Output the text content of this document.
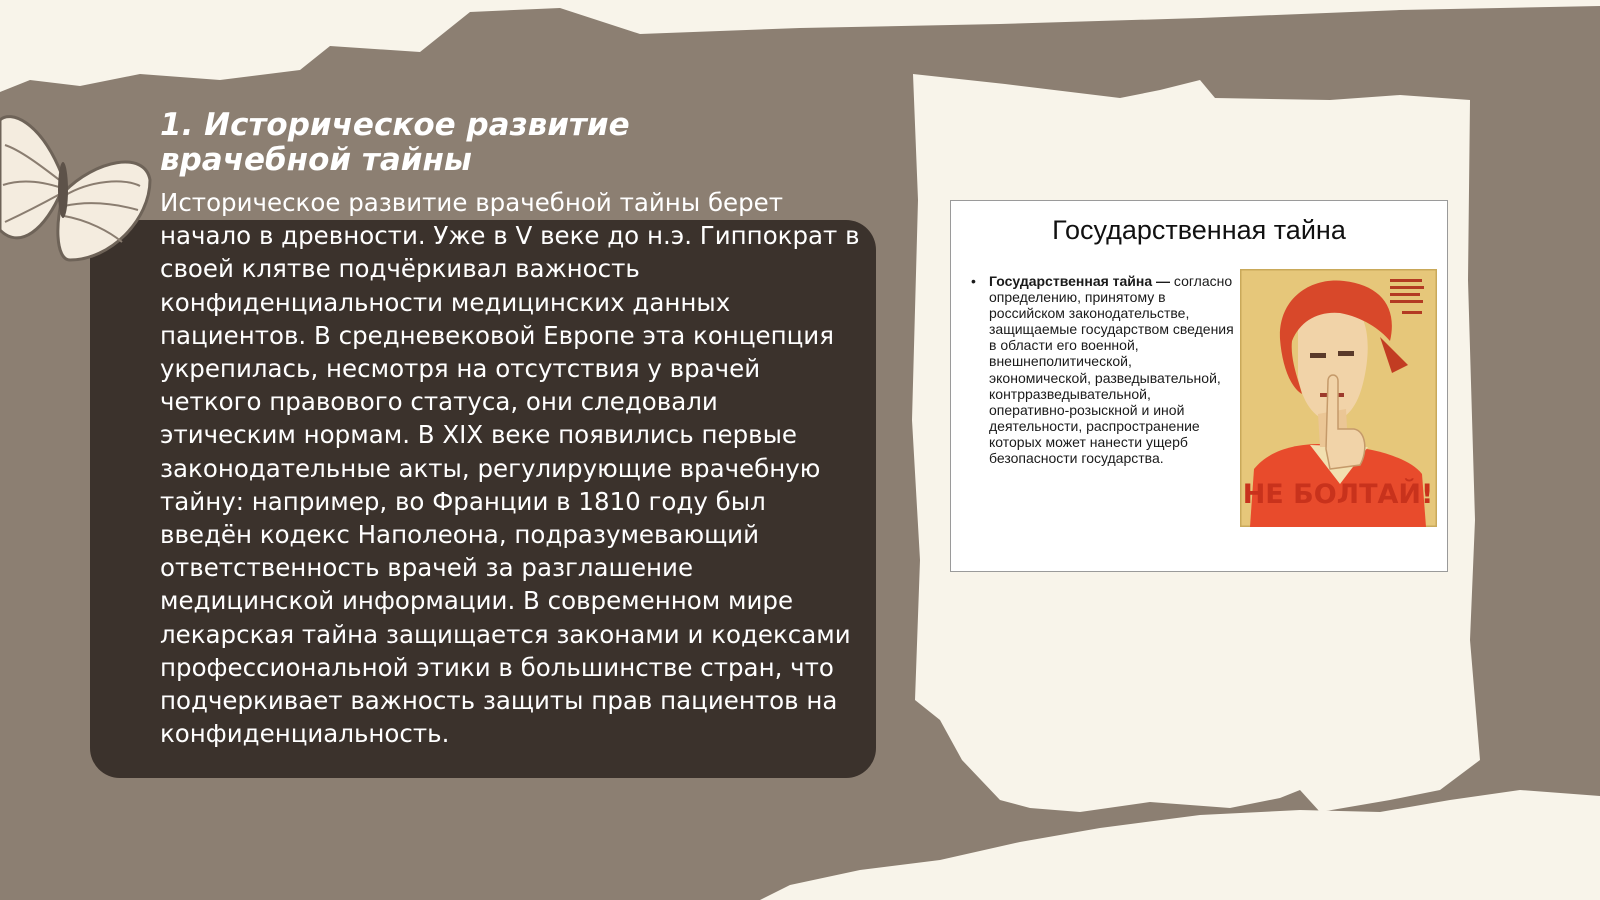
1. Историческое развитие врачебной тайны

Историческое развитие врачебной тайны берет начало в древности. Уже в V веке до н.э. Гиппократ в своей клятве подчёркивал важность конфиденциальности медицинских данных пациентов. В средневековой Европе эта концепция укрепилась, несмотря на отсутствия у врачей четкого правового статуса, они следовали этическим нормам. В XIX веке появились первые законодательные акты, регулирующие врачебную тайну: например, во Франции в 1810 году был введён кодекс Наполеона, подразумевающий ответственность врачей за разглашение медицинской информации. В современном мире лекарская тайна защищается законами и кодексами профессиональной этики в большинстве стран, что подчеркивает важность защиты прав пациентов на конфиденциальность.

Государственная тайна
• Государственная тайна — согласно определению, принятому в российском законодательстве, защищаемые государством сведения в области его военной, внешнеполитической, экономической, разведывательной, контрразведывательной, оперативно-розыскной и иной деятельности, распространение которых может нанести ущерб безопасности государства.
НЕ БОЛТАЙ!
